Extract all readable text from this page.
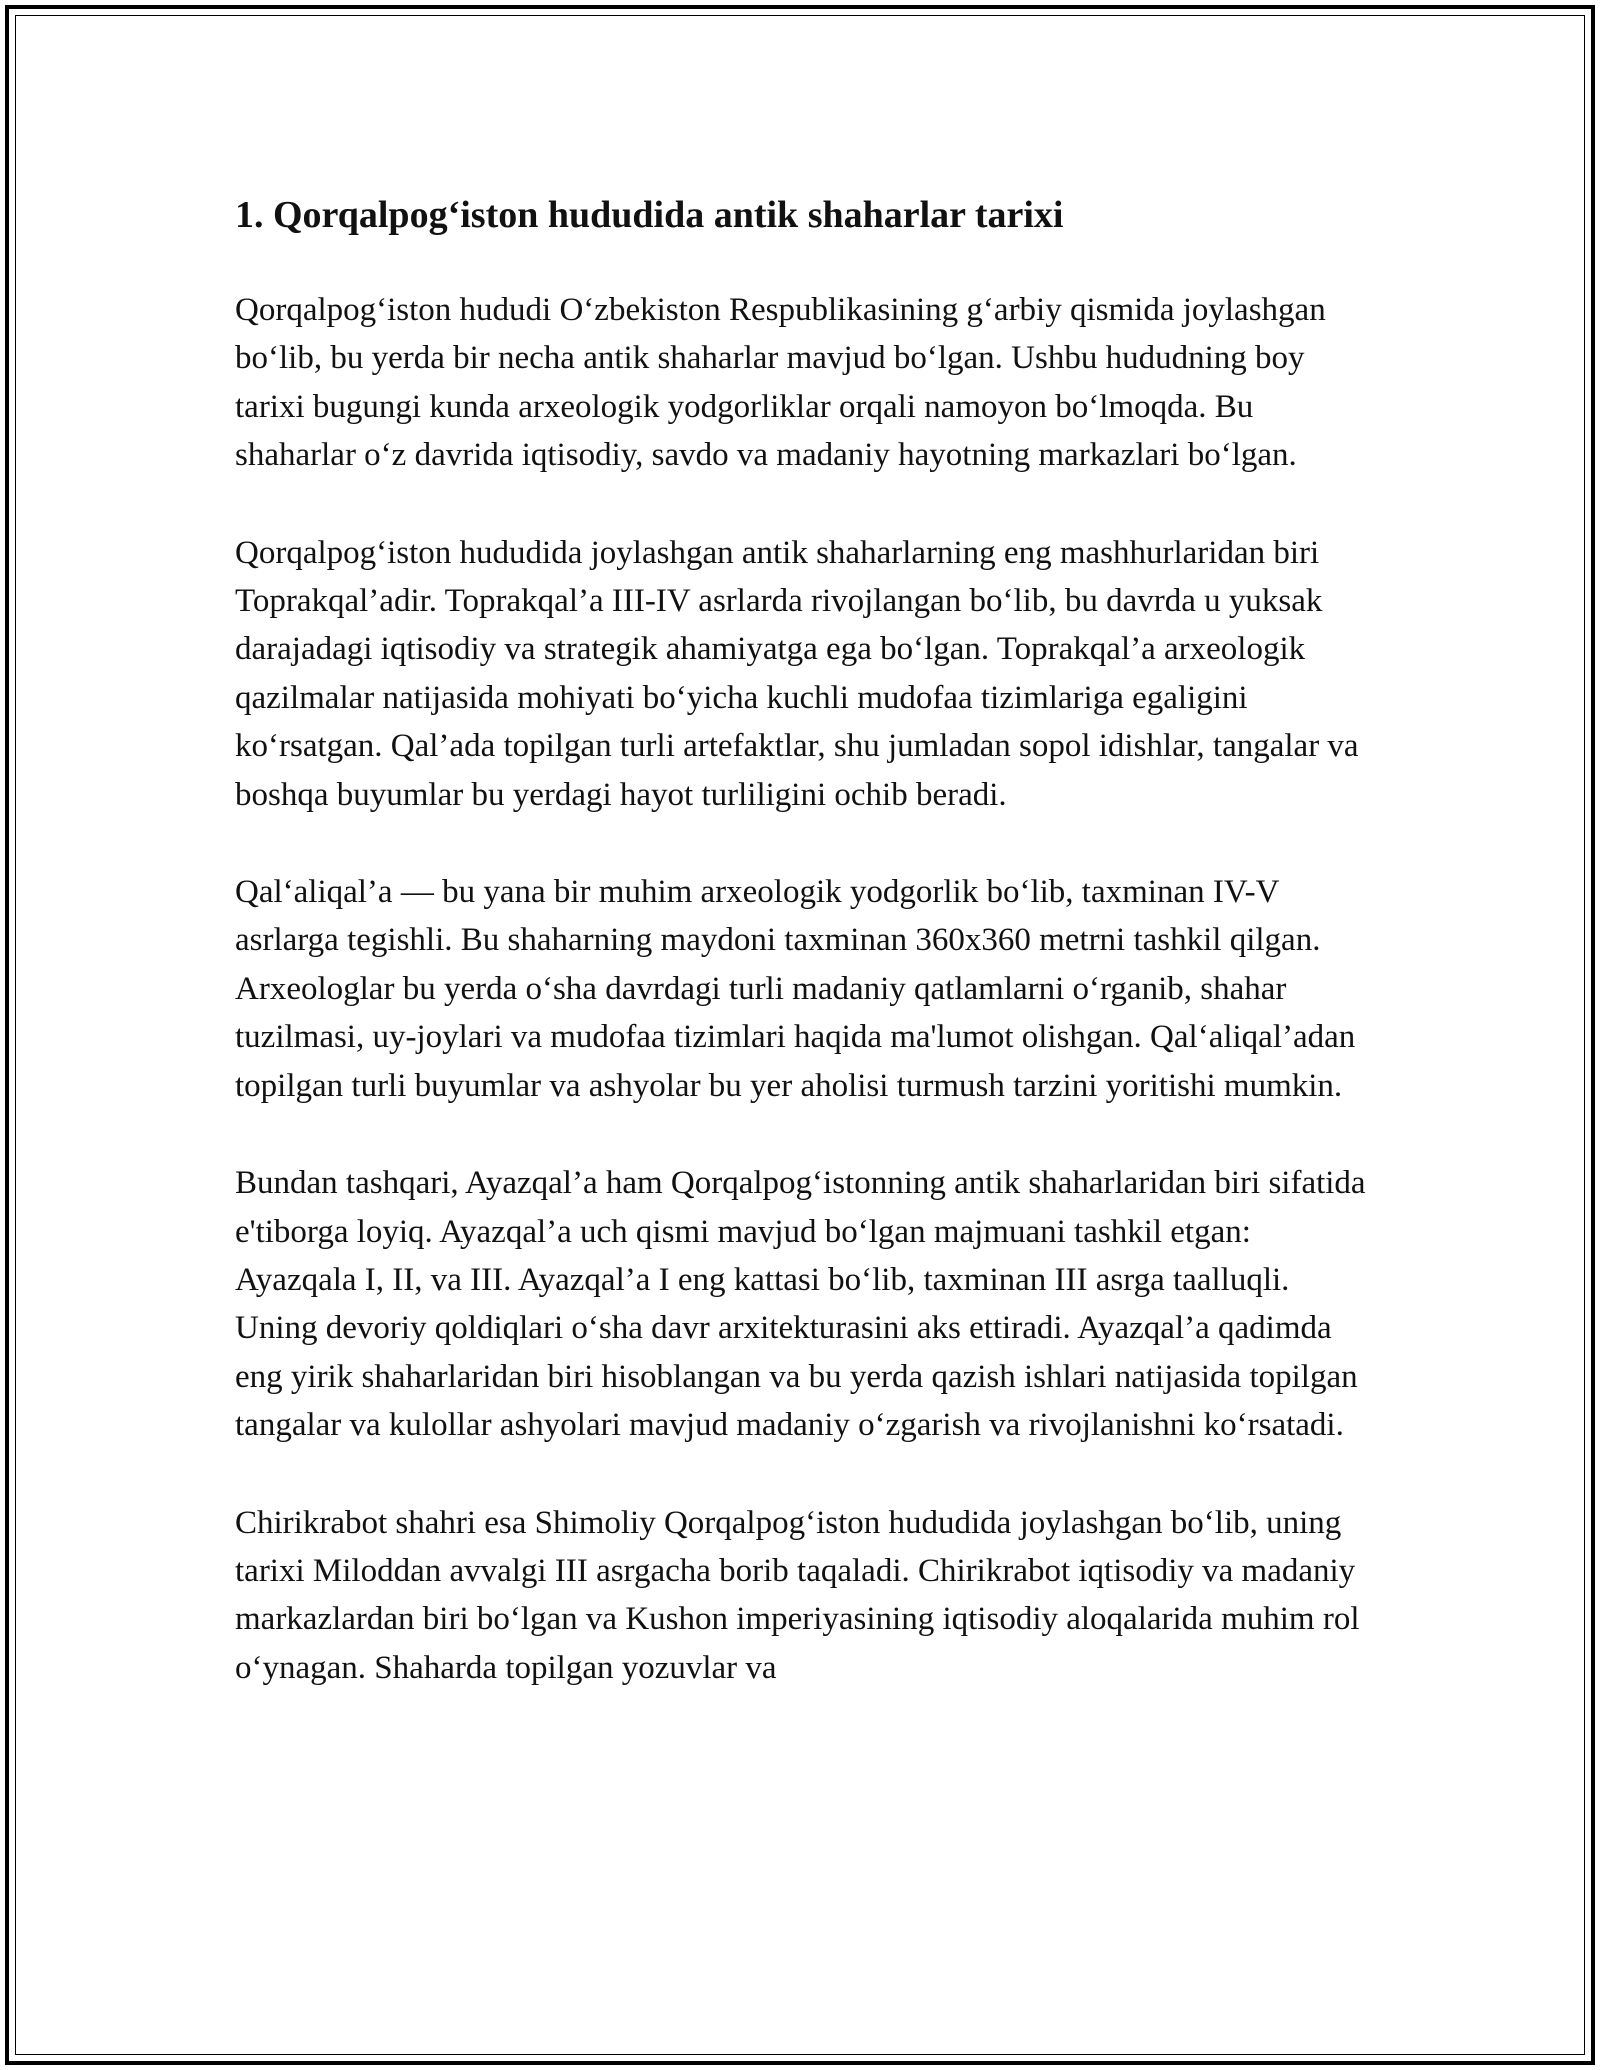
1. Qorqalpog‘iston hududida antik shaharlar tarixi

Qorqalpog‘iston hududi O‘zbekiston Respublikasining g‘arbiy qismida joylashgan bo‘lib, bu yerda bir necha antik shaharlar mavjud bo‘lgan. Ushbu hududning boy tarixi bugungi kunda arxeologik yodgorliklar orqali namoyon bo‘lmoqda. Bu shaharlar o‘z davrida iqtisodiy, savdo va madaniy hayotning markazlari bo‘lgan.

Qorqalpog‘iston hududida joylashgan antik shaharlarning eng mashhurlaridan biri Toprakqal’adir. Toprakqal’a III-IV asrlarda rivojlangan bo‘lib, bu davrda u yuksak darajadagi iqtisodiy va strategik ahamiyatga ega bo‘lgan. Toprakqal’a arxeologik qazilmalar natijasida mohiyati bo‘yicha kuchli mudofaa tizimlariga egaligini ko‘rsatgan. Qal’ada topilgan turli artefaktlar, shu jumladan sopol idishlar, tangalar va boshqa buyumlar bu yerdagi hayot turliligini ochib beradi.

Qal‘aliqal’a — bu yana bir muhim arxeologik yodgorlik bo‘lib, taxminan IV-V asrlarga tegishli. Bu shaharning maydoni taxminan 360x360 metrni tashkil qilgan. Arxeologlar bu yerda o‘sha davrdagi turli madaniy qatlamlarni o‘rganib, shahar tuzilmasi, uy-joylari va mudofaa tizimlari haqida ma'lumot olishgan. Qal‘aliqal’adan topilgan turli buyumlar va ashyolar bu yer aholisi turmush tarzini yoritishi mumkin.

Bundan tashqari, Ayazqal’a ham Qorqalpog‘istonning antik shaharlaridan biri sifatida e'tiborga loyiq. Ayazqal’a uch qismi mavjud bo‘lgan majmuani tashkil etgan: Ayazqala I, II, va III. Ayazqal’a I eng kattasi bo‘lib, taxminan III asrga taalluqli. Uning devoriy qoldiqlari o‘sha davr arxitekturasini aks ettiradi. Ayazqal’a qadimda eng yirik shaharlaridan biri hisoblangan va bu yerda qazish ishlari natijasida topilgan tangalar va kulollar ashyolari mavjud madaniy o‘zgarish va rivojlanishni ko‘rsatadi.

Chirikrabot shahri esa Shimoliy Qorqalpog‘iston hududida joylashgan bo‘lib, uning tarixi Miloddan avvalgi III asrgacha borib taqaladi. Chirikrabot iqtisodiy va madaniy markazlardan biri bo‘lgan va Kushon imperiyasining iqtisodiy aloqalarida muhim rol o‘ynagan. Shaharda topilgan yozuvlar va
